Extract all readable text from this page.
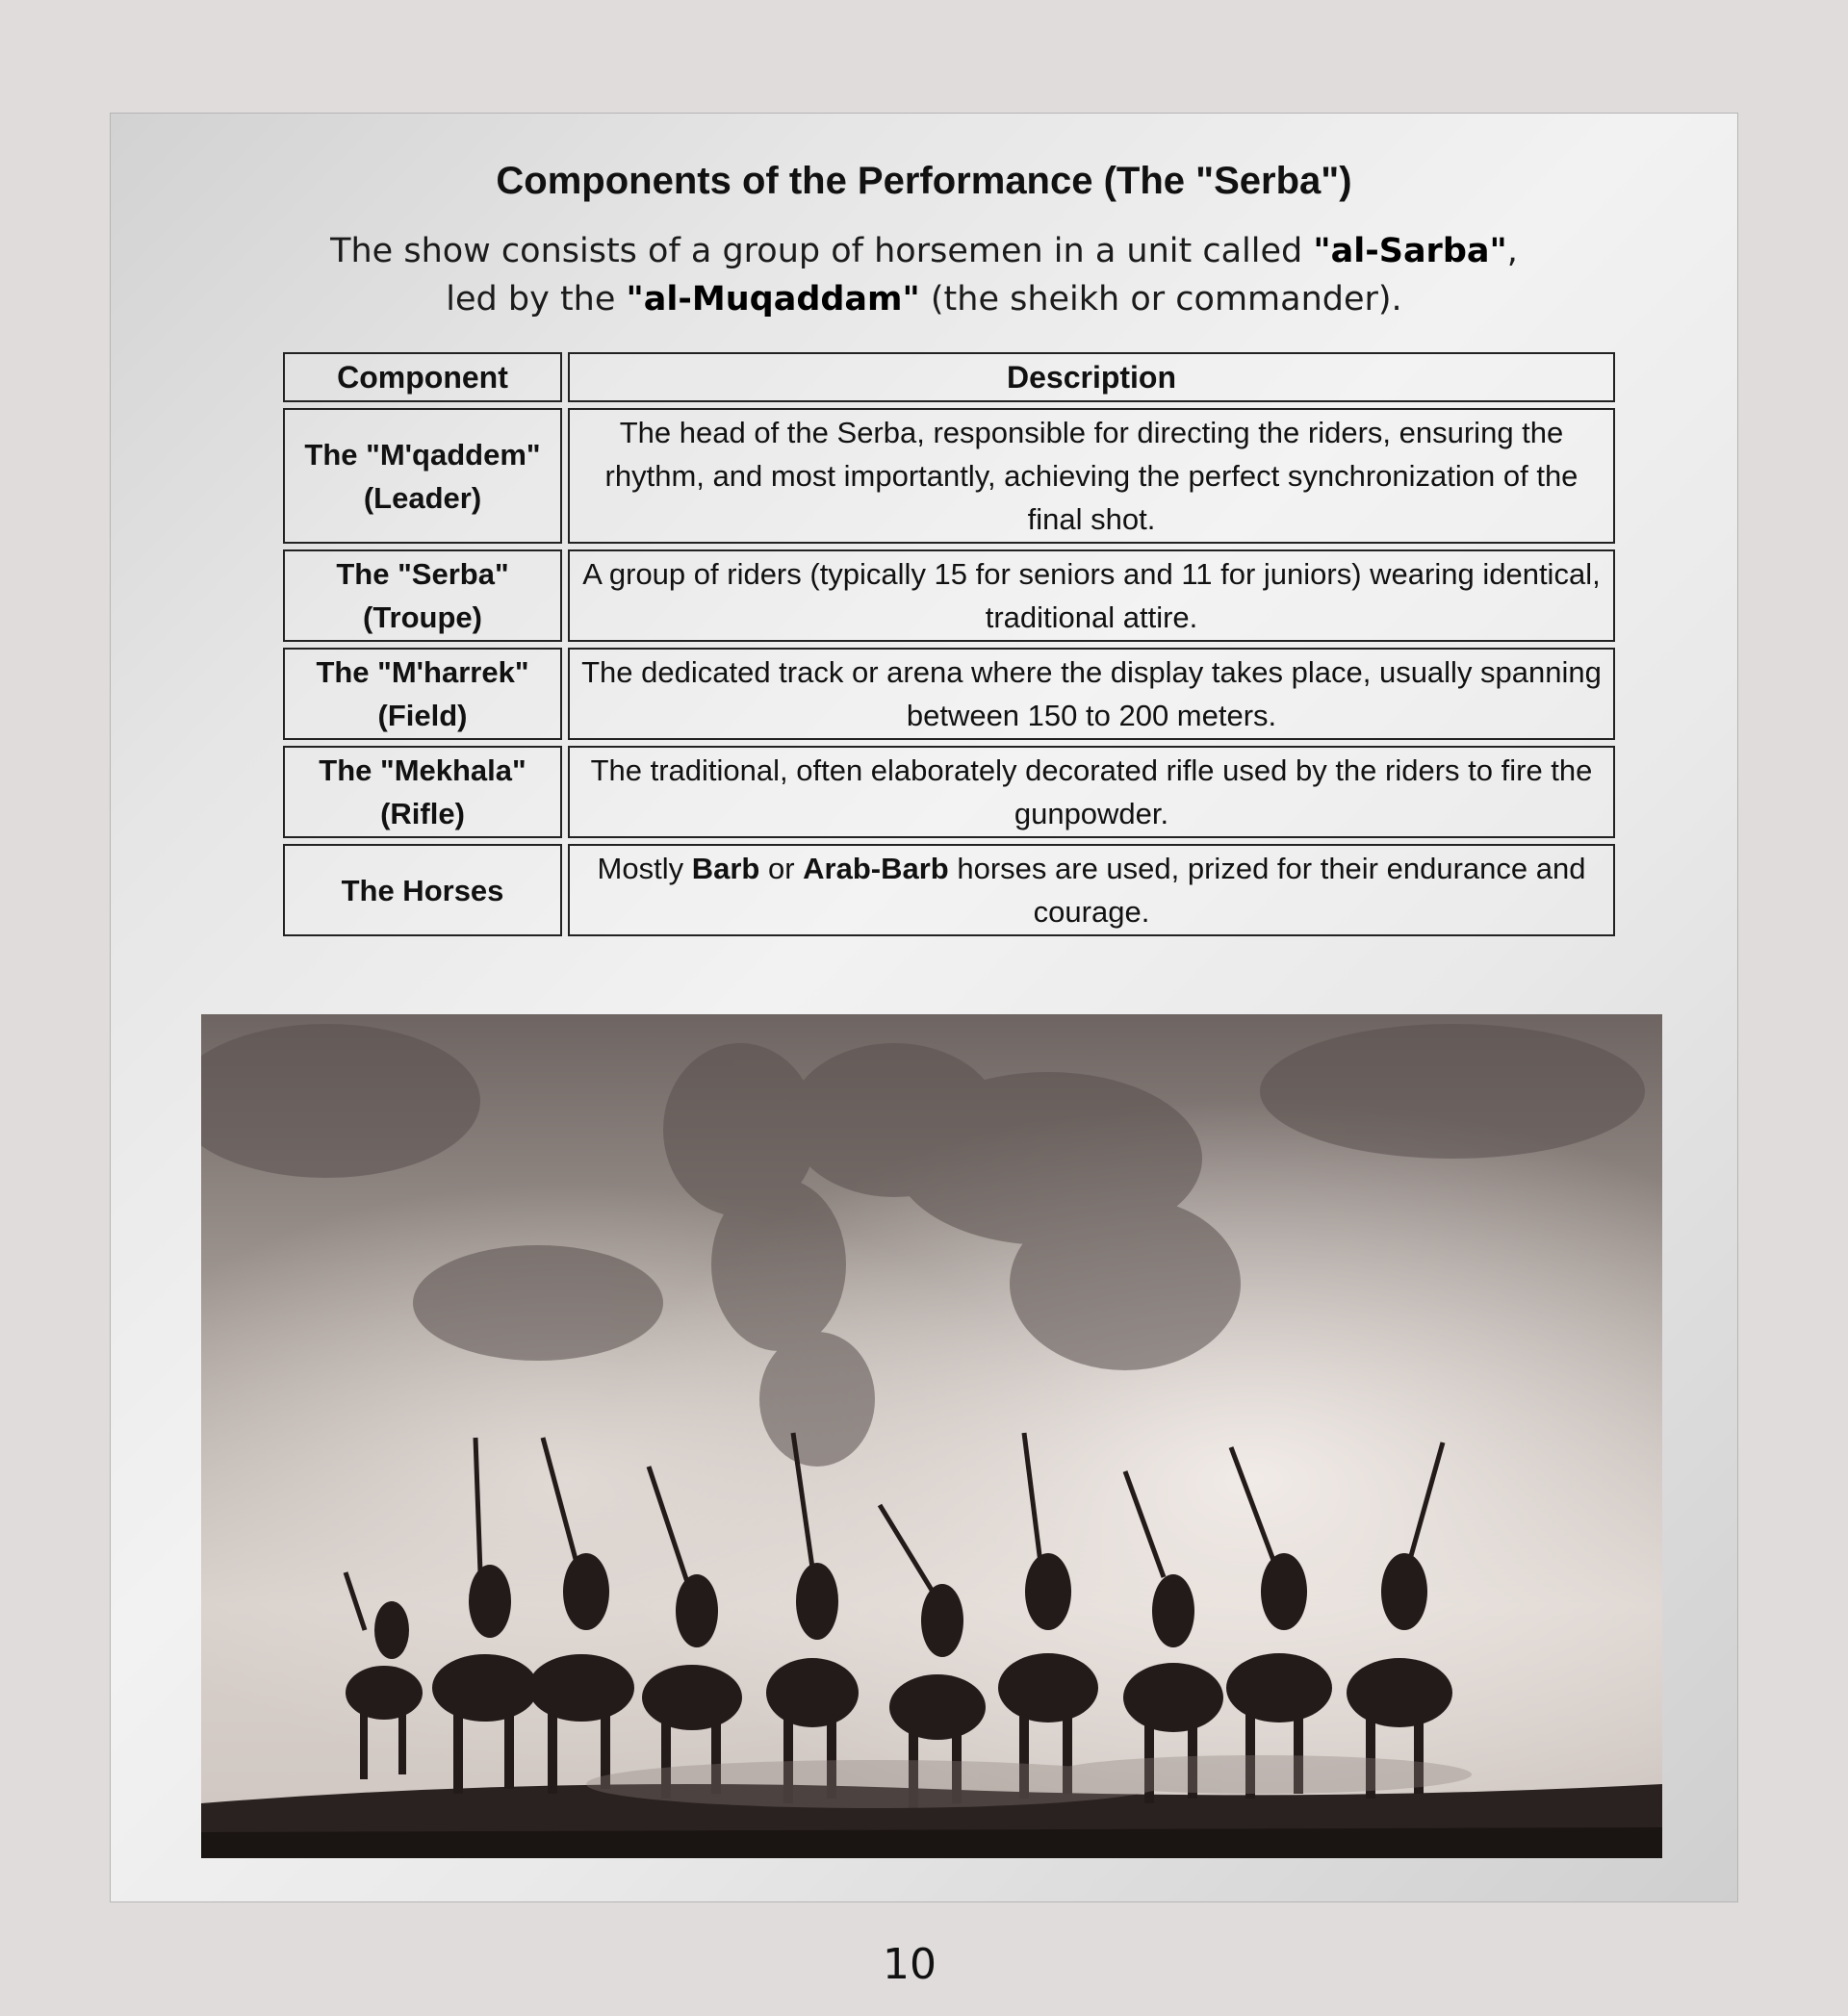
Components of the Performance (The "Serba")

The show consists of a group of horsemen in a unit called "al-Sarba",
led by the "al-Muqaddam" (the sheikh or commander).

Component	Description
The "M'qaddem"
(Leader)	The head of the Serba, responsible for directing the riders, ensuring the rhythm, and most importantly, achieving the perfect synchronization of the final shot.
The "Serba"
(Troupe)	A group of riders (typically 15 for seniors and 11 for juniors) wearing identical, traditional attire.
The "M'harrek"
(Field)	The dedicated track or arena where the display takes place, usually spanning between 150 to 200 meters.
The "Mekhala"
(Rifle)	The traditional, often elaborately decorated rifle used by the riders to fire the gunpowder.
The Horses	Mostly Barb or Arab-Barb horses are used, prized for their endurance and courage.
10
